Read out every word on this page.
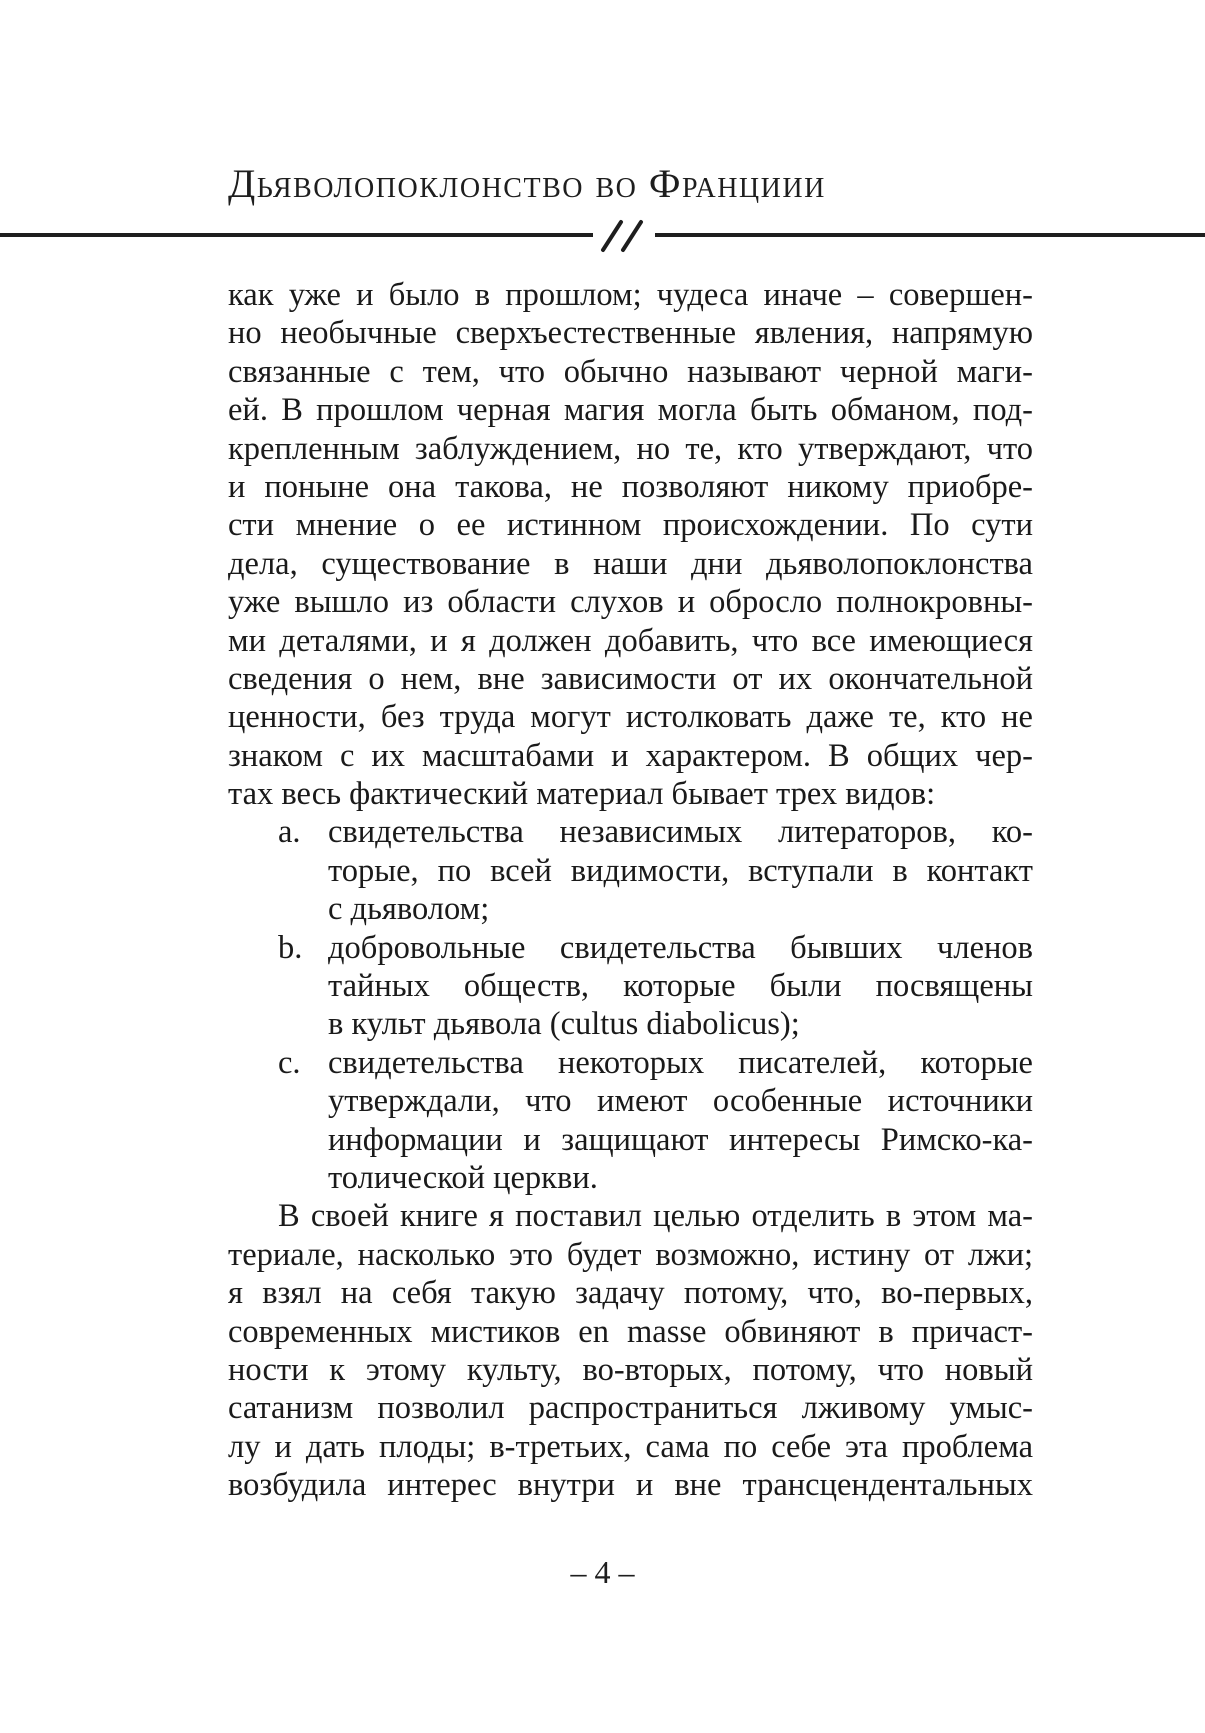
Дьяволопоклонство во Франциии
как уже и было в прошлом; чудеса иначе – совершен-
но необычные сверхъестественные явления, напрямую
связанные с тем, что обычно называют черной маги-
ей. В прошлом черная магия могла быть обманом, под-
крепленным заблуждением, но те, кто утверждают, что
и поныне она такова, не позволяют никому приобре-
сти мнение о ее истинном происхождении. По сути
дела, существование в наши дни дьяволопоклонства
уже вышло из области слухов и обросло полнокровны-
ми деталями, и я должен добавить, что все имеющиеся
сведения о нем, вне зависимости от их окончательной
ценности, без труда могут истолковать даже те, кто не
знаком с их масштабами и характером. В общих чер-
тах весь фактический материал бывает трех видов:
a. свидетельства независимых литераторов, ко-
торые, по всей видимости, вступали в контакт
с дьяволом;
b. добровольные свидетельства бывших членов
тайных обществ, которые были посвящены
в культ дьявола (cultus diabolicus);
c. свидетельства некоторых писателей, которые
утверждали, что имеют особенные источники
информации и защищают интересы Римско-ка-
толической церкви.
В своей книге я поставил целью отделить в этом ма-
териале, насколько это будет возможно, истину от лжи;
я взял на себя такую задачу потому, что, во-первых,
современных мистиков en masse обвиняют в причаст-
ности к этому культу, во-вторых, потому, что новый
сатанизм позволил распространиться лживому умыс-
лу и дать плоды; в-третьих, сама по себе эта проблема
возбудила интерес внутри и вне трансцендентальных
– 4 –
